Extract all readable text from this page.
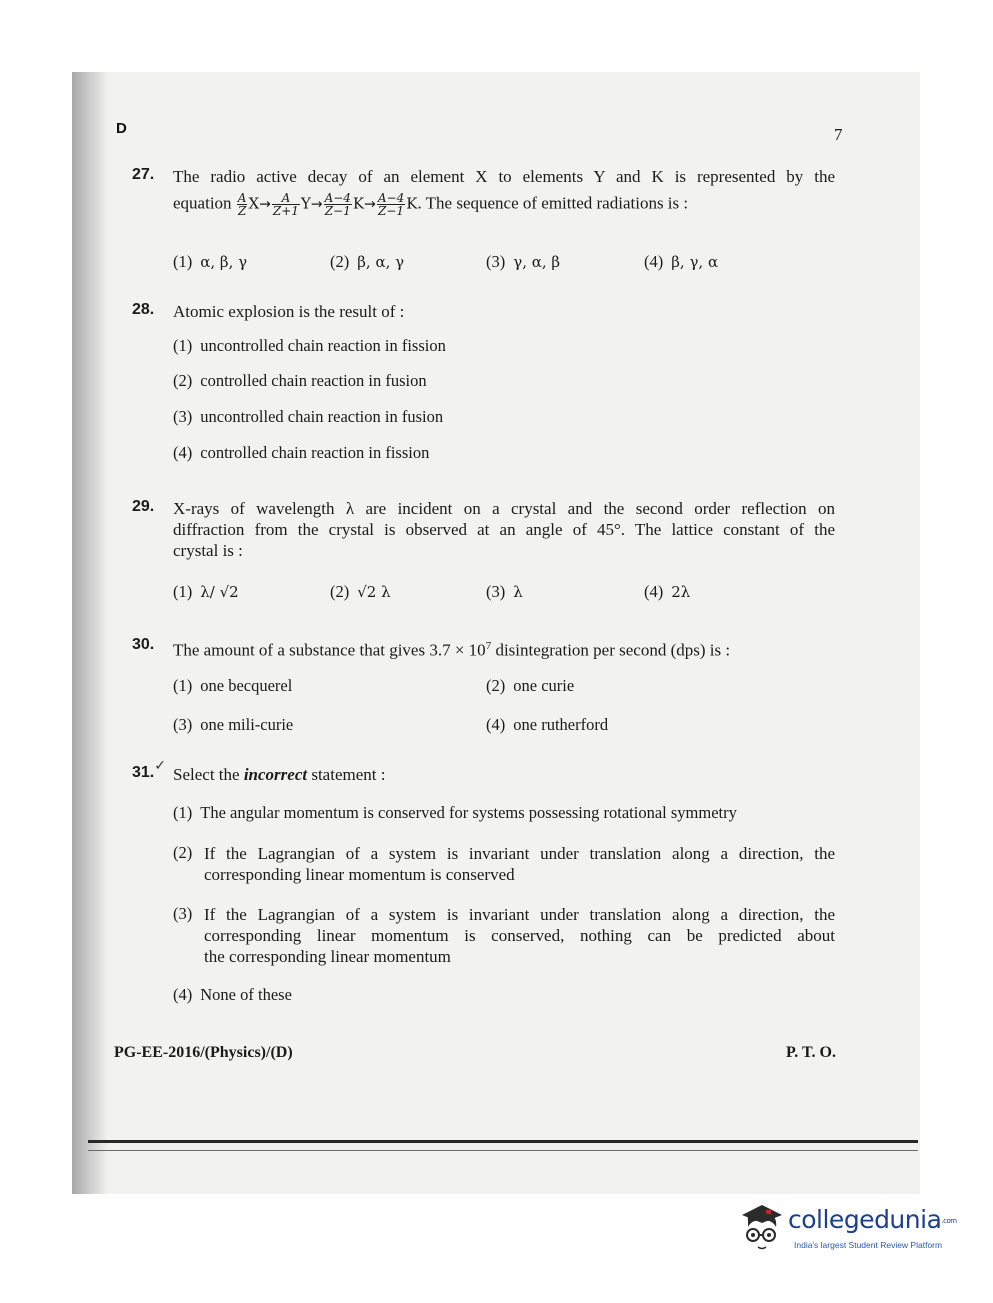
D	7
27. The radio active decay of an element X to elements Y and K is represented by the
equation $\frac{A}{Z} X\to \frac{A}{Z+1} Y\to \frac{A-4}{Z-1} K\to \frac{A-4}{Z-1} K$. The sequence of emitted radiations is :
(1) α, β, γ	(2) β, α, γ	(3) γ, α, β	(4) β, γ, α
28. Atomic explosion is the result of :
(1) uncontrolled chain reaction in fission
(2) controlled chain reaction in fusion
(3) uncontrolled chain reaction in fusion
(4) controlled chain reaction in fission
29. X-rays of wavelength λ are incident on a crystal and the second order reflection on
diffraction from the crystal is observed at an angle of 45°. The lattice constant of the
crystal is :
(1) λ/ √2	(2) √2 λ	(3) λ	(4) 2λ
30. The amount of a substance that gives $3.7 \times 10^7$ disintegration per second (dps) is :
(1) one becquerel	(2) one curie
(3) one mili-curie	(4) one rutherford
31.✓ Select the incorrect statement :
(1) The angular momentum is conserved for systems possessing rotational symmetry
(2) If the Lagrangian of a system is invariant under translation along a direction, the
corresponding linear momentum is conserved
(3) If the Lagrangian of a system is invariant under translation along a direction, the
corresponding linear momentum is conserved, nothing can be predicted about
the corresponding linear momentum
(4) None of these
PG-EE-2016/(Physics)/(D)	P. T. O.
collegedunia.com
India's largest Student Review Platform
